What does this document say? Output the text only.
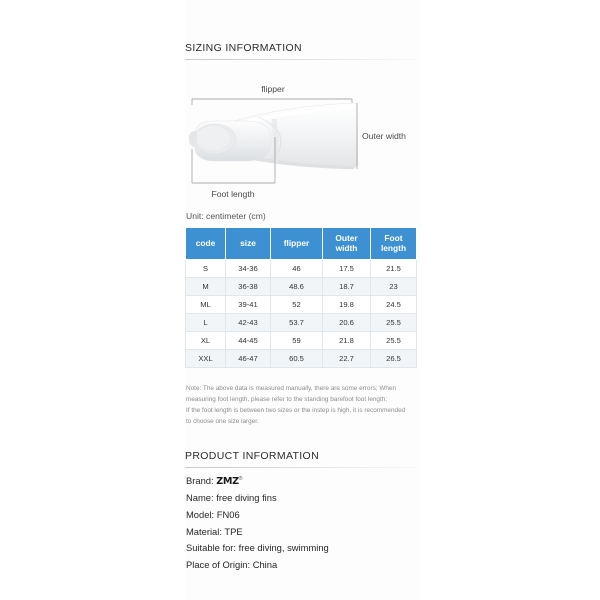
SIZING INFORMATION
flipper
Outer width
Foot length
Unit: centimeter (cm)
code	size	flipper	Outer width	Foot length
S	34-36	46	17.5	21.5
M	36-38	48.6	18.7	23
ML	39-41	52	19.8	24.5
L	42-43	53.7	20.6	25.5
XL	44-45	59	21.8	25.5
XXL	46-47	60.5	22.7	26.5

Note: The above data is measured manually, there are some errors; When

measuring foot length, please refer to the standing barefoot foot length;

If the foot length is between two sizes or the instep is high, it is recommended

to choose one size larger.

PRODUCT INFORMATION
Brand: ZMZ®
Name: free diving fins
Model: FN06
Material: TPE
Suitable for: free diving, swimming
Place of Origin: China
